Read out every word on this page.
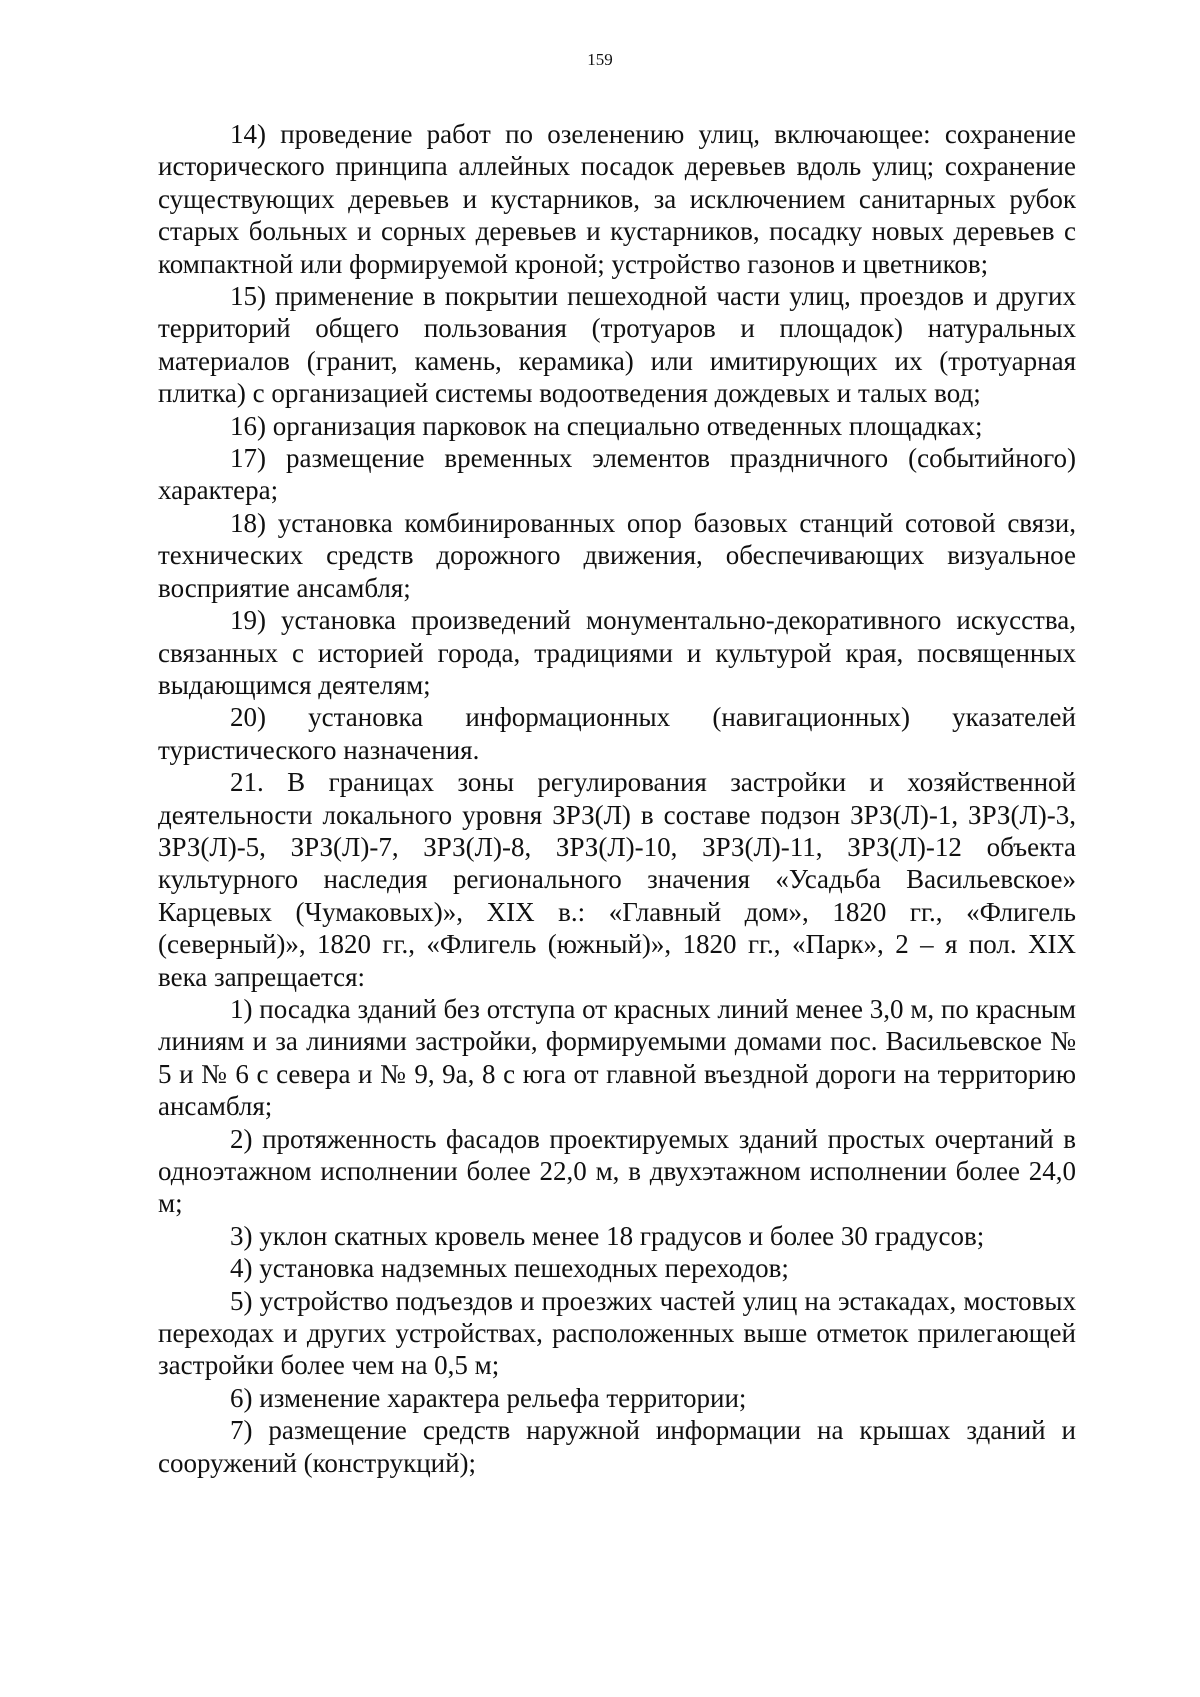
159

14) проведение работ по озеленению улиц, включающее: сохранение исторического принципа аллейных посадок деревьев вдоль улиц; сохранение существующих деревьев и кустарников, за исключением санитарных рубок старых больных и сорных деревьев и кустарников, посадку новых деревьев с компактной или формируемой кроной; устройство газонов и цветников;

15) применение в покрытии пешеходной части улиц, проездов и других территорий общего пользования (тротуаров и площадок) натуральных материалов (гранит, камень, керамика) или имитирующих их (тротуарная плитка) с организацией системы водоотведения дождевых и талых вод;

16) организация парковок на специально отведенных площадках;

17) размещение временных элементов праздничного (событийного) характера;

18) установка комбинированных опор базовых станций сотовой связи, технических средств дорожного движения, обеспечивающих визуальное восприятие ансамбля;

19) установка произведений монументально-декоративного искусства, связанных с историей города, традициями и культурой края, посвященных выдающимся деятелям;

20) установка информационных (навигационных) указателей туристического назначения.

21. В границах зоны регулирования застройки и хозяйственной деятельности локального уровня ЗРЗ(Л) в составе подзон ЗРЗ(Л)-1, ЗРЗ(Л)-3, ЗРЗ(Л)-5, ЗРЗ(Л)-7, ЗРЗ(Л)-8, ЗРЗ(Л)-10, ЗРЗ(Л)-11, ЗРЗ(Л)-12 объекта культурного наследия регионального значения «Усадьба Васильевское» Карцевых (Чумаковых)», XIX в.: «Главный дом», 1820 гг., «Флигель (северный)», 1820 гг., «Флигель (южный)», 1820 гг., «Парк», 2 – я пол. XIX века запрещается:

1) посадка зданий без отступа от красных линий менее 3,0 м, по красным линиям и за линиями застройки, формируемыми домами пос. Васильевское № 5 и № 6 с севера и № 9, 9а, 8 с юга от главной въездной дороги на территорию ансамбля;

2) протяженность фасадов проектируемых зданий простых очертаний в одноэтажном исполнении более 22,0 м, в двухэтажном исполнении более 24,0 м;

3) уклон скатных кровель менее 18 градусов и более 30 градусов;

4) установка надземных пешеходных переходов;

5) устройство подъездов и проезжих частей улиц на эстакадах, мостовых переходах и других устройствах, расположенных выше отметок прилегающей застройки более чем на 0,5 м;

6) изменение характера рельефа территории;

7) размещение средств наружной информации на крышах зданий и сооружений (конструкций);
